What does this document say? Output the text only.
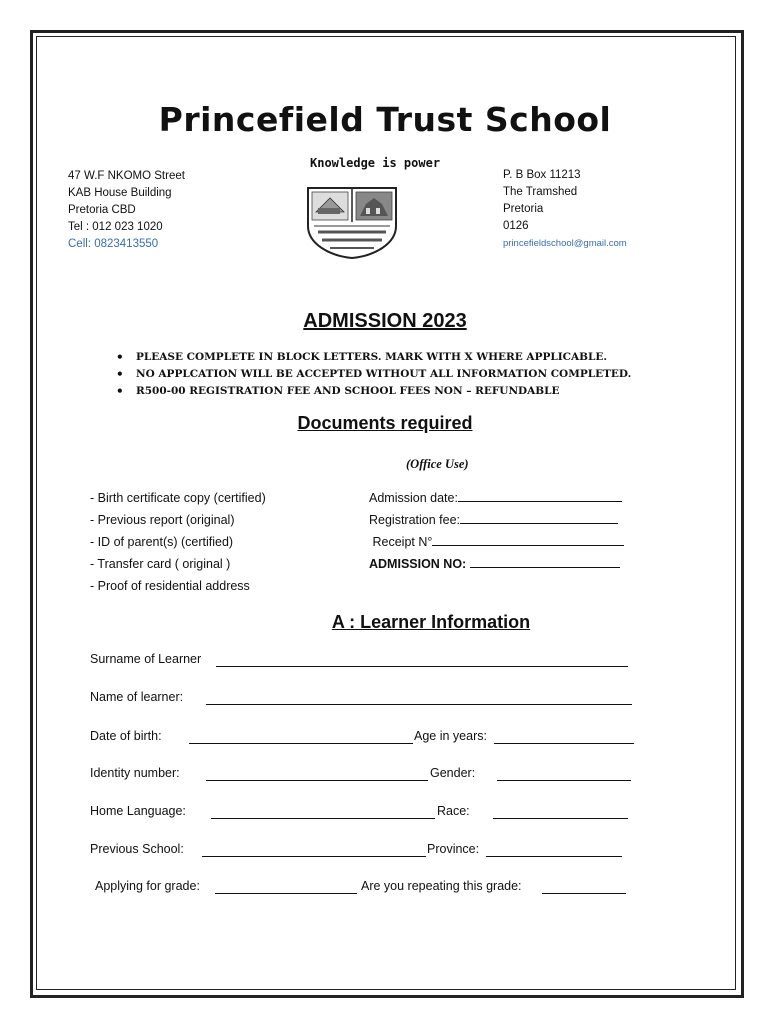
Princefield Trust School
Knowledge is power
47 W.F NKOMO Street
KAB House Building
Pretoria CBD
Tel : 012 023 1020
Cell: 0823413550
P. B Box 11213
The Tramshed
Pretoria
0126
princefieldschool@gmail.com
ADMISSION 2023
• PLEASE COMPLETE IN BLOCK LETTERS. MARK WITH X WHERE APPLICABLE.
• NO APPLCATION WILL BE ACCEPTED WITHOUT ALL INFORMATION COMPLETED.
• R500-00 REGISTRATION FEE AND SCHOOL FEES NON – REFUNDABLE
Documents required
(Office Use)
- Birth certificate copy (certified)
- Previous report (original)
- ID of parent(s) (certified)
- Transfer card ( original )
- Proof of residential address
Admission date:
Registration fee:
Receipt N°
ADMISSION NO:
A : Learner Information
Surname of Learner
Name of learner:
Date of birth:	Age in years:
Identity number:	Gender:
Home Language:	Race:
Previous School:	Province:
Applying for grade:	Are you repeating this grade:
